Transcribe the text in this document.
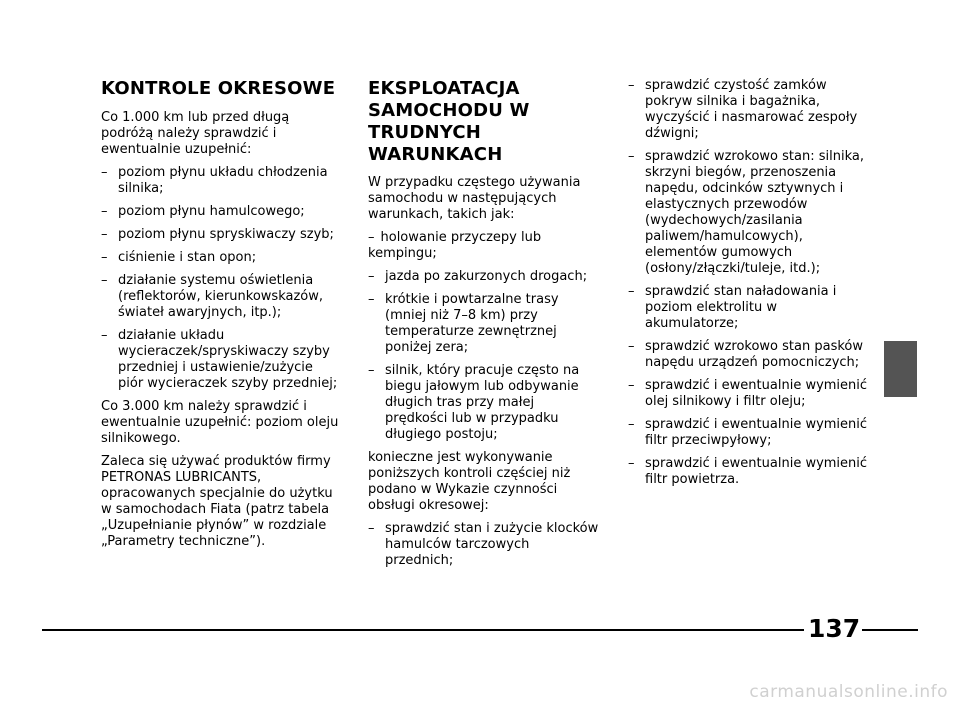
KONTROLE OKRESOWE
Co 1.000 km lub przed długą podróżą należy sprawdzić i ewentualnie uzupełnić:
– poziom płynu układu chłodzenia silnika;
– poziom płynu hamulcowego;
– poziom płynu spryskiwaczy szyb;
– ciśnienie i stan opon;
– działanie systemu oświetlenia (reflektorów, kierunkowskazów, świateł awaryjnych, itp.);
– działanie układu wycieraczek/spryskiwaczy szyby przedniej i ustawienie/zużycie piór wycieraczek szyby przedniej;
Co 3.000 km należy sprawdzić i ewentualnie uzupełnić: poziom oleju silnikowego.
Zaleca się używać produktów firmy PETRONAS LUBRICANTS, opracowanych specjalnie do użytku w samochodach Fiata (patrz tabela „Uzupełnianie płynów” w rozdziale „Parametry techniczne”).
EKSPLOATACJA
SAMOCHODU W
TRUDNYCH
WARUNKACH
W przypadku częstego używania samochodu w następujących warunkach, takich jak:
– holowanie przyczepy lub kempingu;
– jazda po zakurzonych drogach;
– krótkie i powtarzalne trasy (mniej niż 7–8 km) przy temperaturze zewnętrznej poniżej zera;
– silnik, który pracuje często na biegu jałowym lub odbywanie długich tras przy małej prędkości lub w przypadku długiego postoju;
konieczne jest wykonywanie poniższych kontroli częściej niż podano w Wykazie czynności obsługi okresowej:
– sprawdzić stan i zużycie klocków hamulców tarczowych przednich;
– sprawdzić czystość zamków pokryw silnika i bagażnika, wyczyścić i nasmarować zespoły dźwigni;
– sprawdzić wzrokowo stan: silnika, skrzyni biegów, przenoszenia napędu, odcinków sztywnych i elastycznych przewodów (wydechowych/zasilania paliwem/hamulcowych), elementów gumowych (osłony/złączki/tuleje, itd.);
– sprawdzić stan naładowania i poziom elektrolitu w akumulatorze;
– sprawdzić wzrokowo stan pasków napędu urządzeń pomocniczych;
– sprawdzić i ewentualnie wymienić olej silnikowy i filtr oleju;
– sprawdzić i ewentualnie wymienić filtr przeciwpyłowy;
– sprawdzić i ewentualnie wymienić filtr powietrza.
137
carmanualsonline.info
